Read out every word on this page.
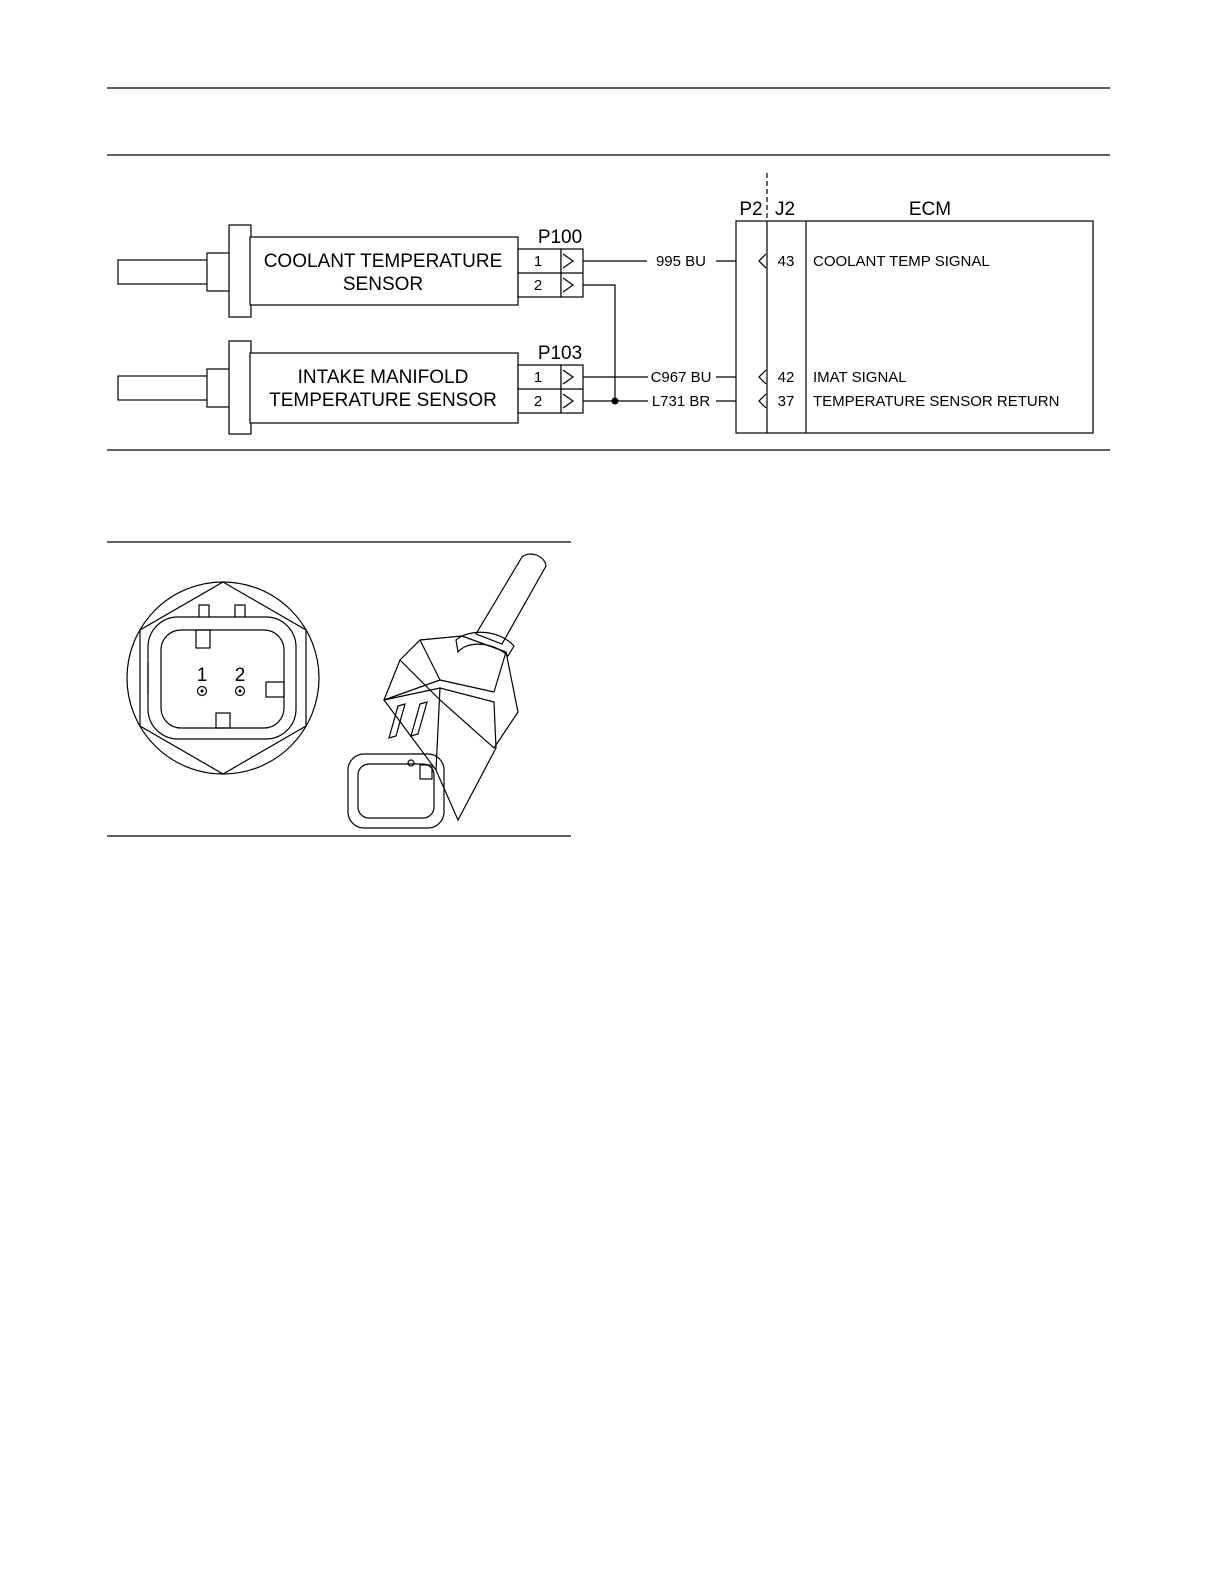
COOLANT TEMPERATURE
SENSOR
P100
1
2
INTAKE MANIFOLD
TEMPERATURE SENSOR
P103
1
2
995 BU
C967 BU
L731 BR
P2 J2	ECM
43 COOLANT TEMP SIGNAL
42 IMAT SIGNAL
37 TEMPERATURE SENSOR RETURN
1 2
